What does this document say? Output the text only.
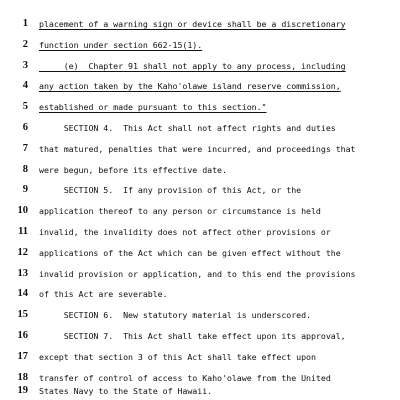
1 placement of a warning sign or device shall be a discretionary
2 function under section 662-15(1).
3 (e)  Chapter 91 shall not apply to any process, including
4 any action taken by the Kaho'olawe island reserve commission,
5 established or made pursuant to this section."
6 SECTION 4.  This Act shall not affect rights and duties
7 that matured, penalties that were incurred, and proceedings that
8 were begun, before its effective date.
9 SECTION 5.  If any provision of this Act, or the
10 application thereof to any person or circumstance is held
11 invalid, the invalidity does not affect other provisions or
12 applications of the Act which can be given effect without the
13 invalid provision or application, and to this end the provisions
14 of this Act are severable.
15 SECTION 6.  New statutory material is underscored.
16 SECTION 7.  This Act shall take effect upon its approval,
17 except that section 3 of this Act shall take effect upon
18 transfer of control of access to Kaho'olawe from the United
19 States Navy to the State of Hawaii.
